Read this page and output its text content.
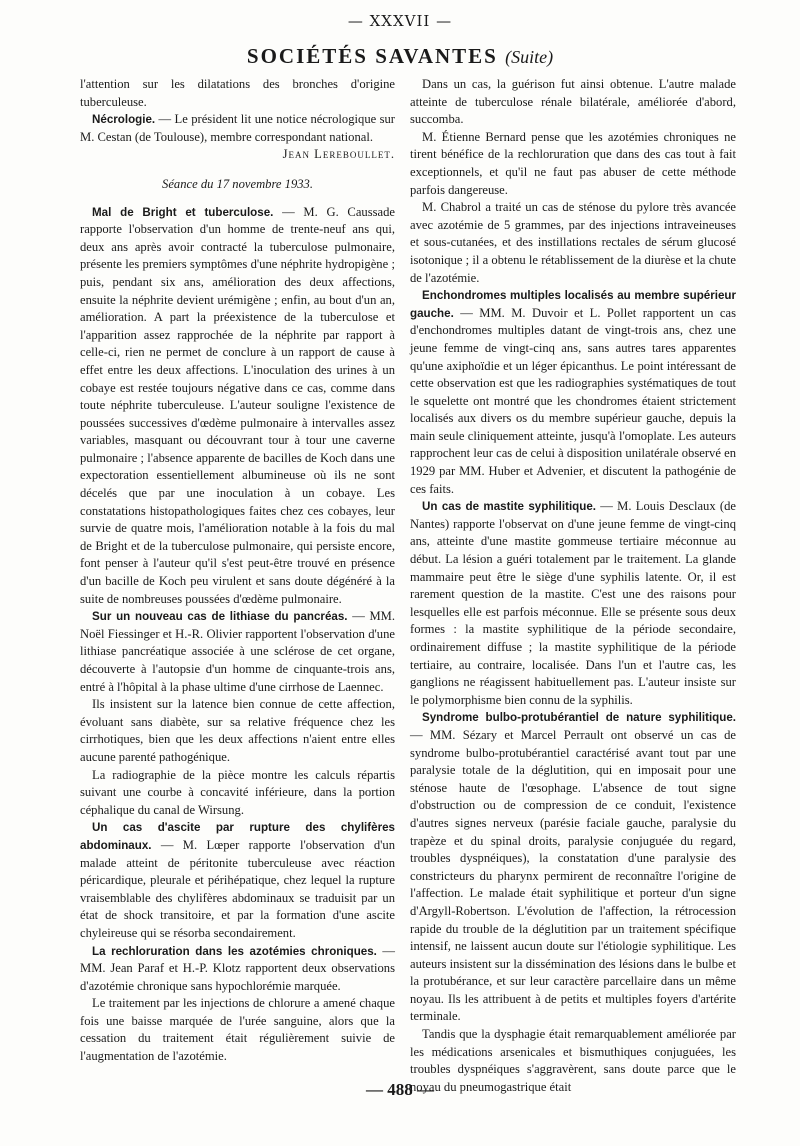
— XXXVII —
SOCIÉTÉS SAVANTES (Suite)

l'attention sur les dilatations des bronches d'origine tuberculeuse.

Nécrologie. — Le président lit une notice nécrologique sur M. Cestan (de Toulouse), membre correspondant national.
Jean Lereboullet.

Séance du 17 novembre 1933.

Mal de Bright et tuberculose. — M. G. Caussade rapporte l'observation d'un homme de trente-neuf ans qui, deux ans après avoir contracté la tuberculose pulmonaire, présente les premiers symptômes d'une néphrite hydropigène ; puis, pendant six ans, amélioration des deux affections, ensuite la néphrite devient urémigène ; enfin, au bout d'un an, amélioration. A part la préexistence de la tuberculose et l'apparition assez rapprochée de la néphrite par rapport à celle-ci, rien ne permet de conclure à un rapport de cause à effet entre les deux affections. L'inoculation des urines à un cobaye est restée toujours négative dans ce cas, comme dans toute néphrite tuberculeuse. L'auteur souligne l'existence de poussées successives d'œdème pulmonaire à intervalles assez variables, masquant ou découvrant tour à tour une caverne pulmonaire ; l'absence apparente de bacilles de Koch dans une expectoration essentiellement albumineuse où ils ne sont décelés que par une inoculation à un cobaye. Les constatations histopathologiques faites chez ces cobayes, leur survie de quatre mois, l'amélioration notable à la fois du mal de Bright et de la tuberculose pulmonaire, qui persiste encore, font penser à l'auteur qu'il s'est peut-être trouvé en présence d'un bacille de Koch peu virulent et sans doute dégénéré à la suite de nombreuses poussées d'œdème pulmonaire.

Sur un nouveau cas de lithiase du pancréas. — MM. Noël Fiessinger et H.-R. Olivier rapportent l'observation d'une lithiase pancréatique associée à une sclérose de cet organe, découverte à l'autopsie d'un homme de cinquante-trois ans, entré à l'hôpital à la phase ultime d'une cirrhose de Laennec.

Ils insistent sur la latence bien connue de cette affection, évoluant sans diabète, sur sa relative fréquence chez les cirrhotiques, bien que les deux affections n'aient entre elles aucune parenté pathogénique.

La radiographie de la pièce montre les calculs répartis suivant une courbe à concavité inférieure, dans la portion céphalique du canal de Wirsung.

Un cas d'ascite par rupture des chylifères abdominaux. — M. Lœper rapporte l'observation d'un malade atteint de péritonite tuberculeuse avec réaction péricardique, pleurale et périhépatique, chez lequel la rupture vraisemblable des chylifères abdominaux se traduisit par un état de shock transitoire, et par la formation d'une ascite chyleireuse qui se résorba secondairement.

La rechloruration dans les azotémies chroniques. — MM. Jean Paraf et H.-P. Klotz rapportent deux observations d'azotémie chronique sans hypochlorémie marquée.

Le traitement par les injections de chlorure a amené chaque fois une baisse marquée de l'urée sanguine, alors que la cessation du traitement était régulièrement suivie de l'augmentation de l'azotémie.

Dans un cas, la guérison fut ainsi obtenue. L'autre malade atteinte de tuberculose rénale bilatérale, améliorée d'abord, succomba.

M. Étienne Bernard pense que les azotémies chroniques ne tirent bénéfice de la rechloruration que dans des cas tout à fait exceptionnels, et qu'il ne faut pas abuser de cette méthode parfois dangereuse.

M. Chabrol a traité un cas de sténose du pylore très avancée avec azotémie de 5 grammes, par des injections intraveineuses et sous-cutanées, et des instillations rectales de sérum glucosé isotonique ; il a obtenu le rétablissement de la diurèse et la chute de l'azotémie.

Enchondromes multiples localisés au membre supérieur gauche. — MM. M. Duvoir et L. Pollet rapportent un cas d'enchondromes multiples datant de vingt-trois ans, chez une jeune femme de vingt-cinq ans, sans autres tares apparentes qu'une axiphoïdie et un léger épicanthus. Le point intéressant de cette observation est que les radiographies systématiques de tout le squelette ont montré que les chondromes étaient strictement localisés aux divers os du membre supérieur gauche, depuis la main seule cliniquement atteinte, jusqu'à l'omoplate. Les auteurs rapprochent leur cas de celui à disposition unilatérale observé en 1929 par MM. Huber et Advenier, et discutent la pathogénie de ces faits.

Un cas de mastite syphilitique. — M. Louis Desclaux (de Nantes) rapporte l'observat on d'une jeune femme de vingt-cinq ans, atteinte d'une mastite gommeuse tertiaire méconnue au début. La lésion a guéri totalement par le traitement. La glande mammaire peut être le siège d'une syphilis latente. Or, il est rarement question de la mastite. C'est une des raisons pour lesquelles elle est parfois méconnue. Elle se présente sous deux formes : la mastite syphilitique de la période secondaire, ordinairement diffuse ; la mastite syphilitique de la période tertiaire, au contraire, localisée. Dans l'un et l'autre cas, les ganglions ne réagissent habituellement pas. L'auteur insiste sur le polymorphisme bien connu de la syphilis.

Syndrome bulbo-protubérantiel de nature syphilitique. — MM. Sézary et Marcel Perrault ont observé un cas de syndrome bulbo-protubérantiel caractérisé avant tout par une paralysie totale de la déglutition, qui en imposait pour une sténose haute de l'œsophage. L'absence de tout signe d'obstruction ou de compression de ce conduit, l'existence d'autres signes nerveux (parésie faciale gauche, paralysie du trapèze et du spinal droits, paralysie conjuguée du regard, troubles dyspnéiques), la constatation d'une paralysie des constricteurs du pharynx permirent de reconnaître l'origine de l'affection. Le malade était syphilitique et porteur d'un signe d'Argyll-Robertson. L'évolution de l'affection, la rétrocession rapide du trouble de la déglutition par un traitement spécifique intensif, ne laissent aucun doute sur l'étiologie syphilitique. Les auteurs insistent sur la dissémination des lésions dans le bulbe et la protubérance, et sur leur caractère parcellaire dans un même noyau. Ils les attribuent à de petits et multiples foyers d'artérite terminale.

Tandis que la dysphagie était remarquablement améliorée par les médications arsenicales et bismuthiques conjuguées, les troubles dyspnéiques s'aggravèrent, sans doute parce que le noyau du pneumogastrique était

— 488 —
